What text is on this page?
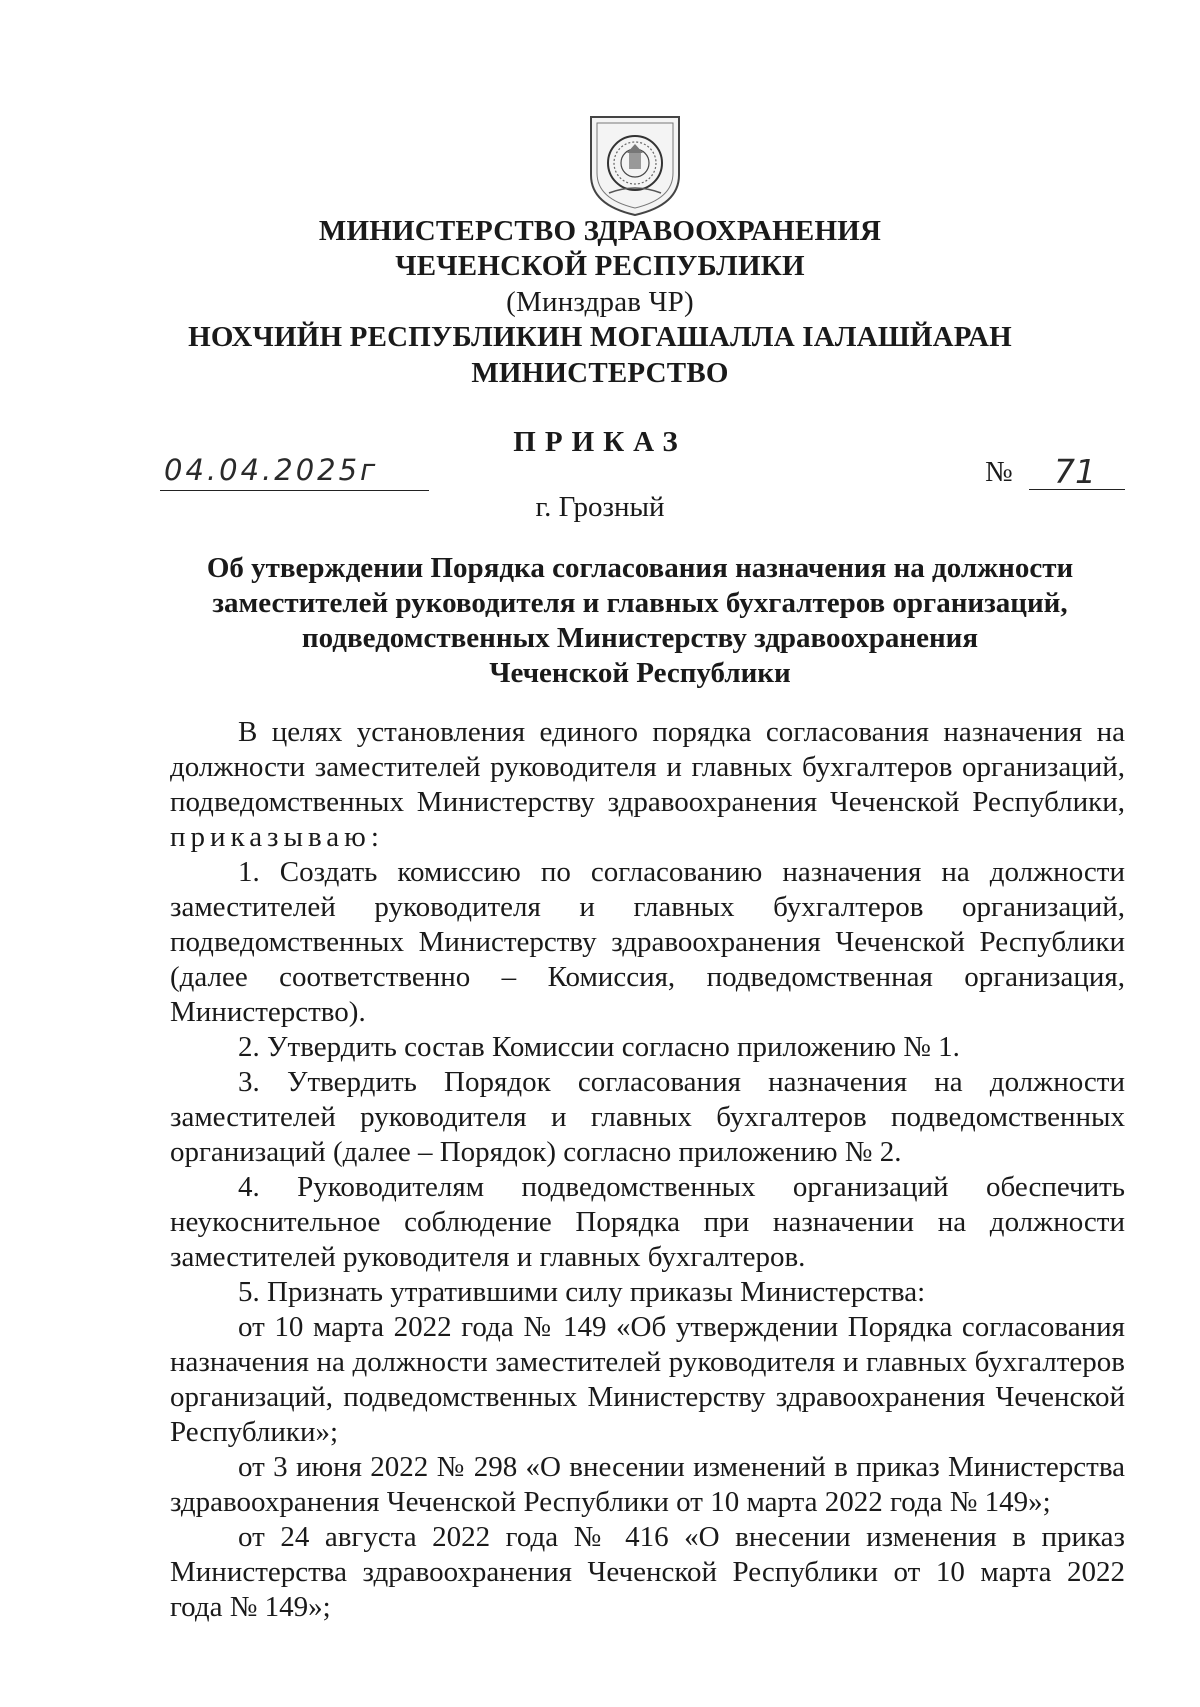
МИНИСТЕРСТВО ЗДРАВООХРАНЕНИЯ
ЧЕЧЕНСКОЙ РЕСПУБЛИКИ
(Минздрав ЧР)
НОХЧИЙН РЕСПУБЛИКИН МОГАШАЛЛА IАЛАШЙАРАН
МИНИСТЕРСТВО
ПРИКАЗ
04.04.2025г	№ 71
г. Грозный
Об утверждении Порядка согласования назначения на должности
заместителей руководителя и главных бухгалтеров организаций,
подведомственных Министерству здравоохранения
Чеченской Республики

В целях установления единого порядка согласования назначения на должности заместителей руководителя и главных бухгалтеров организаций, подведомственных Министерству здравоохранения Чеченской Республики, приказываю:

1. Создать комиссию по согласованию назначения на должности заместителей руководителя и главных бухгалтеров организаций, подведомственных Министерству здравоохранения Чеченской Республики (далее соответственно – Комиссия, подведомственная организация, Министерство).

2. Утвердить состав Комиссии согласно приложению № 1.

3. Утвердить Порядок согласования назначения на должности заместителей руководителя и главных бухгалтеров подведомственных организаций (далее – Порядок) согласно приложению № 2.

4. Руководителям подведомственных организаций обеспечить неукоснительное соблюдение Порядка при назначении на должности заместителей руководителя и главных бухгалтеров.

5. Признать утратившими силу приказы Министерства:

от 10 марта 2022 года № 149 «Об утверждении Порядка согласования назначения на должности заместителей руководителя и главных бухгалтеров организаций, подведомственных Министерству здравоохранения Чеченской Республики»;

от 3 июня 2022 № 298 «О внесении изменений в приказ Министерства здравоохранения Чеченской Республики от 10 марта 2022 года № 149»;

от 24 августа 2022 года № 416 «О внесении изменения в приказ Министерства здравоохранения Чеченской Республики от 10 марта 2022 года № 149»;
